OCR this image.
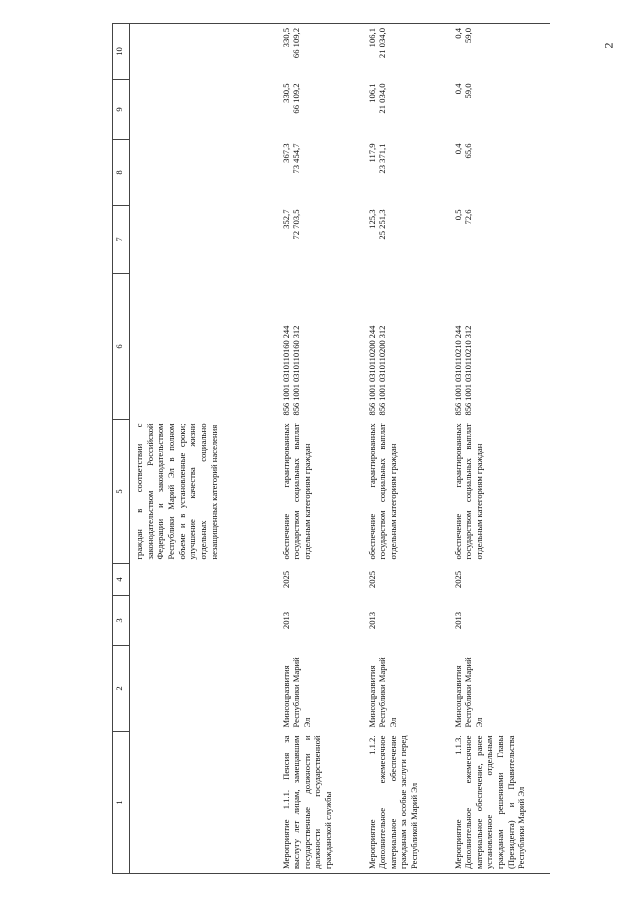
2
1	2	3	4	5	6	7	8	9	10
				граждан в соответствии с законодательством Российской Федерации и законодательством Республики Марий Эл в полном объеме и в установленные сроки; улучшение качества жизни отдельных социально незащищенных категорий населения	

Мероприятие 1.1.1. Пенсия за выслугу лет лицам, замещавшим государственные должности и должности государственной гражданской службы	Минсоцразвития Республики Марий Эл	2013	2025	обеспечение гарантированных государством социальных выплат отдельным категориям граждан	856 1001 0310110160 244 856 1001 0310110160 312	352,7 72 703,5	367,3 73 454,7	330,5 66 109,2	330,5 66 109,2

Мероприятие 1.1.2. Дополнительное ежемесячное материальное обеспечение гражданам за особые заслуги перед Республикой Марий Эл	Минсоцразвития Республики Марий Эл	2013	2025	обеспечение гарантированных государством социальных выплат отдельным категориям граждан	856 1001 0310110200 244 856 1001 0310110200 312	125,3 25 251,3	117,9 23 371,1	106,1 21 034,0	106,1 21 034,0

Мероприятие 1.1.3. Дополнительное ежемесячное материальное обеспечение, ранее установленное отдельным гражданам решениями Главы (Президента) и Правительства Республики Марий Эл	Минсоцразвития Республики Марий Эл	2013	2025	обеспечение гарантированных государством социальных выплат отдельным категориям граждан	856 1001 0310110210 244 856 1001 0310110210 312	0,5 72,6	0,4 65,6	0,4 59,0	0,4 59,0
